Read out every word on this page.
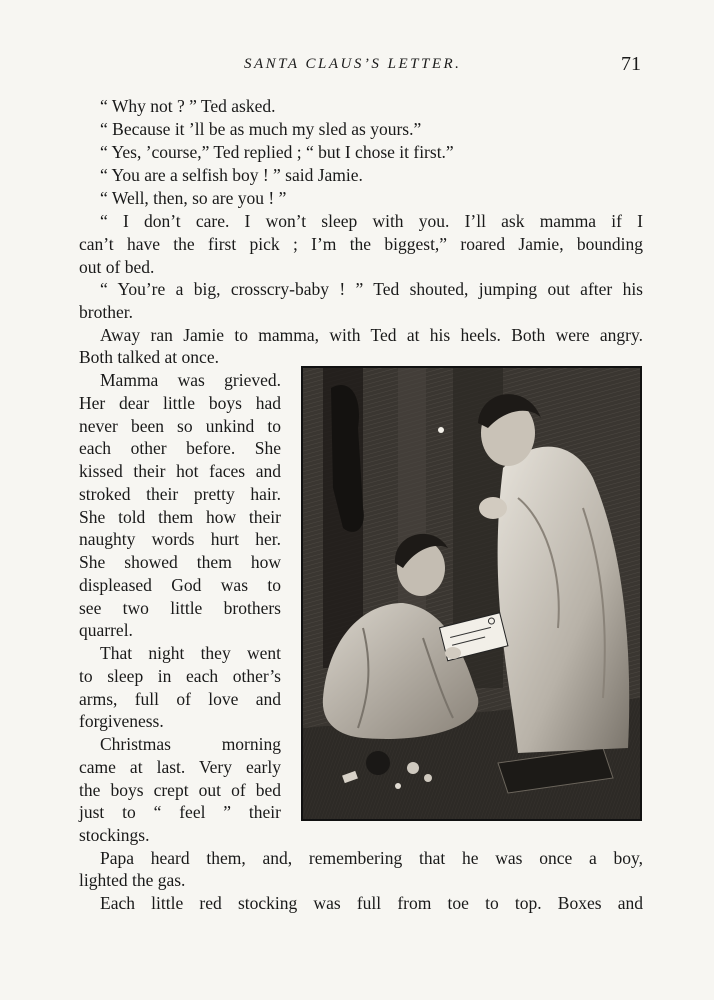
SANTA CLAUS’S LETTER.	71
“ Why not ? ” Ted asked.
“ Because it ’ll be as much my sled as yours.”
“ Yes, ’course,” Ted replied ; “ but I chose it first.”
“ You are a selfish boy ! ” said Jamie.
“ Well, then, so are you ! ”
“ I don’t care. I won’t sleep with you. I’ll ask mamma if I
can’t have the first pick ; I’m the biggest,” roared Jamie, bounding
out of bed.
“ You’re a big, crosscry-baby ! ” Ted shouted, jumping out after his
brother.
Away ran Jamie to mamma, with Ted at his heels. Both were angry.
Both talked at once.
Mamma was grieved.
Her dear little boys had
never been so unkind to
each other before. She
kissed their hot faces and
stroked their pretty hair.
She told them how their
naughty words hurt her.
She showed them how
displeased God was to
see two little brothers
quarrel.
That night they went
to sleep in each other’s
arms, full of love and
forgiveness.
Christmas morning
came at last. Very early
the boys crept out of bed
just to “ feel ” their
stockings.
Papa heard them, and, remembering that he was once a boy,
lighted the gas.
Each little red stocking was full from toe to top. Boxes and
